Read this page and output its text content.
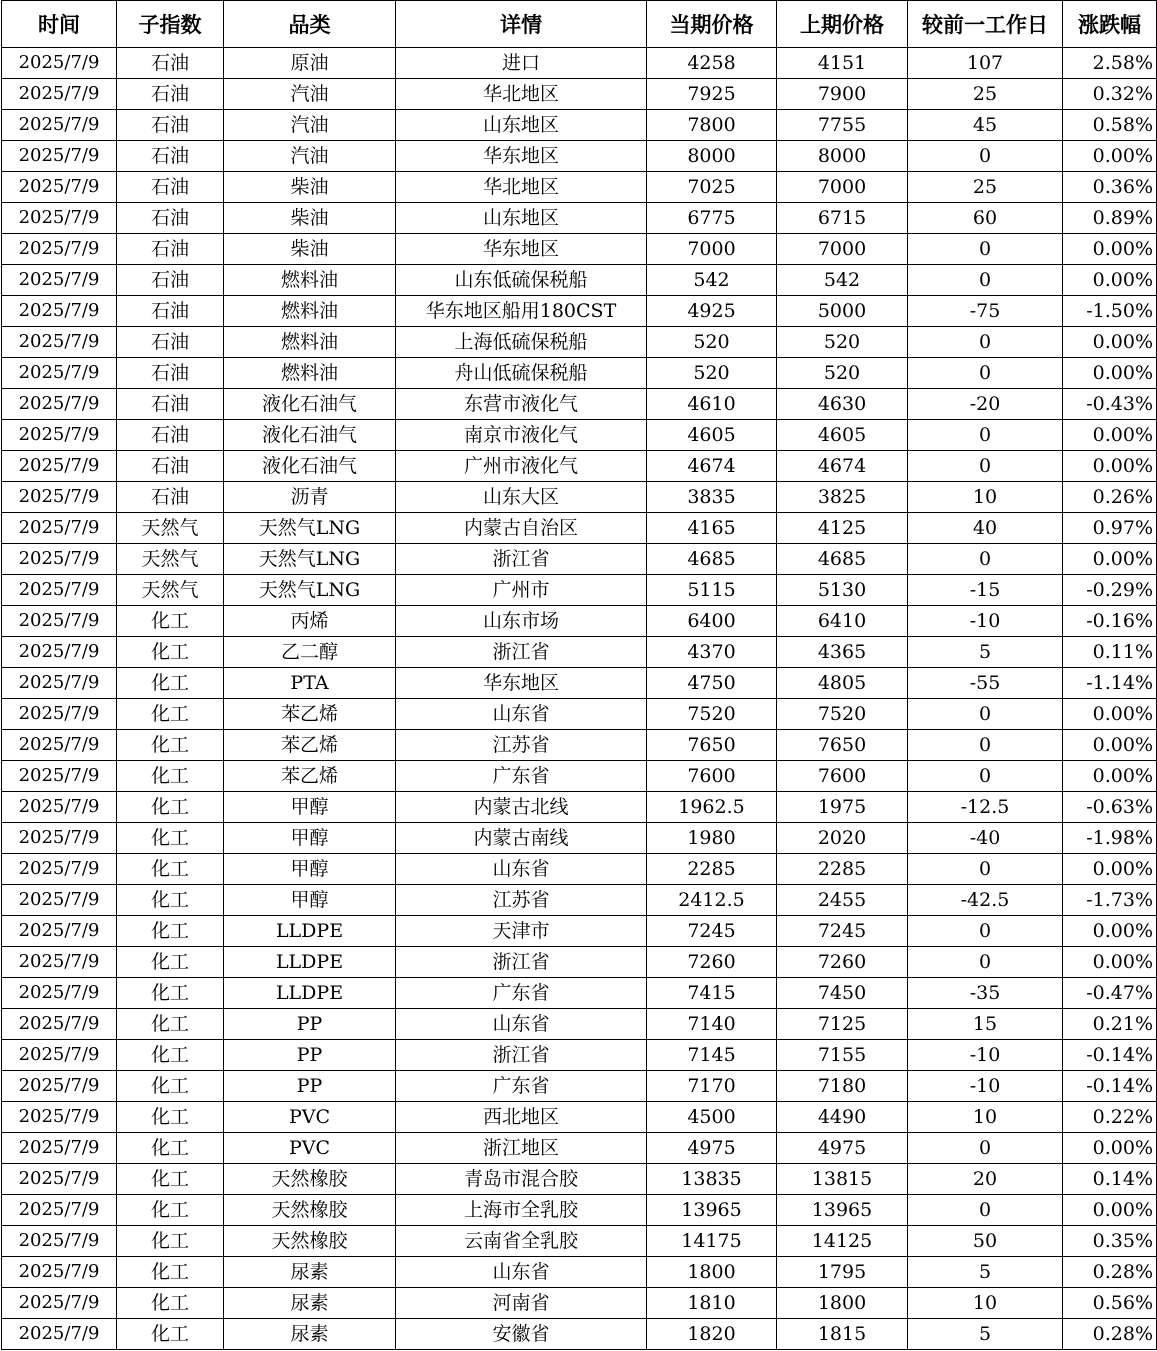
时间	子指数	品类	详情	当期价格	上期价格	较前一工作日	涨跌幅
2025/7/9	石油	原油	进口	4258	4151	107	2.58%
2025/7/9	石油	汽油	华北地区	7925	7900	25	0.32%
2025/7/9	石油	汽油	山东地区	7800	7755	45	0.58%
2025/7/9	石油	汽油	华东地区	8000	8000	0	0.00%
2025/7/9	石油	柴油	华北地区	7025	7000	25	0.36%
2025/7/9	石油	柴油	山东地区	6775	6715	60	0.89%
2025/7/9	石油	柴油	华东地区	7000	7000	0	0.00%
2025/7/9	石油	燃料油	山东低硫保税船	542	542	0	0.00%
2025/7/9	石油	燃料油	华东地区船用180CST	4925	5000	-75	-1.50%
2025/7/9	石油	燃料油	上海低硫保税船	520	520	0	0.00%
2025/7/9	石油	燃料油	舟山低硫保税船	520	520	0	0.00%
2025/7/9	石油	液化石油气	东营市液化气	4610	4630	-20	-0.43%
2025/7/9	石油	液化石油气	南京市液化气	4605	4605	0	0.00%
2025/7/9	石油	液化石油气	广州市液化气	4674	4674	0	0.00%
2025/7/9	石油	沥青	山东大区	3835	3825	10	0.26%
2025/7/9	天然气	天然气LNG	内蒙古自治区	4165	4125	40	0.97%
2025/7/9	天然气	天然气LNG	浙江省	4685	4685	0	0.00%
2025/7/9	天然气	天然气LNG	广州市	5115	5130	-15	-0.29%
2025/7/9	化工	丙烯	山东市场	6400	6410	-10	-0.16%
2025/7/9	化工	乙二醇	浙江省	4370	4365	5	0.11%
2025/7/9	化工	PTA	华东地区	4750	4805	-55	-1.14%
2025/7/9	化工	苯乙烯	山东省	7520	7520	0	0.00%
2025/7/9	化工	苯乙烯	江苏省	7650	7650	0	0.00%
2025/7/9	化工	苯乙烯	广东省	7600	7600	0	0.00%
2025/7/9	化工	甲醇	内蒙古北线	1962.5	1975	-12.5	-0.63%
2025/7/9	化工	甲醇	内蒙古南线	1980	2020	-40	-1.98%
2025/7/9	化工	甲醇	山东省	2285	2285	0	0.00%
2025/7/9	化工	甲醇	江苏省	2412.5	2455	-42.5	-1.73%
2025/7/9	化工	LLDPE	天津市	7245	7245	0	0.00%
2025/7/9	化工	LLDPE	浙江省	7260	7260	0	0.00%
2025/7/9	化工	LLDPE	广东省	7415	7450	-35	-0.47%
2025/7/9	化工	PP	山东省	7140	7125	15	0.21%
2025/7/9	化工	PP	浙江省	7145	7155	-10	-0.14%
2025/7/9	化工	PP	广东省	7170	7180	-10	-0.14%
2025/7/9	化工	PVC	西北地区	4500	4490	10	0.22%
2025/7/9	化工	PVC	浙江地区	4975	4975	0	0.00%
2025/7/9	化工	天然橡胶	青岛市混合胶	13835	13815	20	0.14%
2025/7/9	化工	天然橡胶	上海市全乳胶	13965	13965	0	0.00%
2025/7/9	化工	天然橡胶	云南省全乳胶	14175	14125	50	0.35%
2025/7/9	化工	尿素	山东省	1800	1795	5	0.28%
2025/7/9	化工	尿素	河南省	1810	1800	10	0.56%
2025/7/9	化工	尿素	安徽省	1820	1815	5	0.28%
